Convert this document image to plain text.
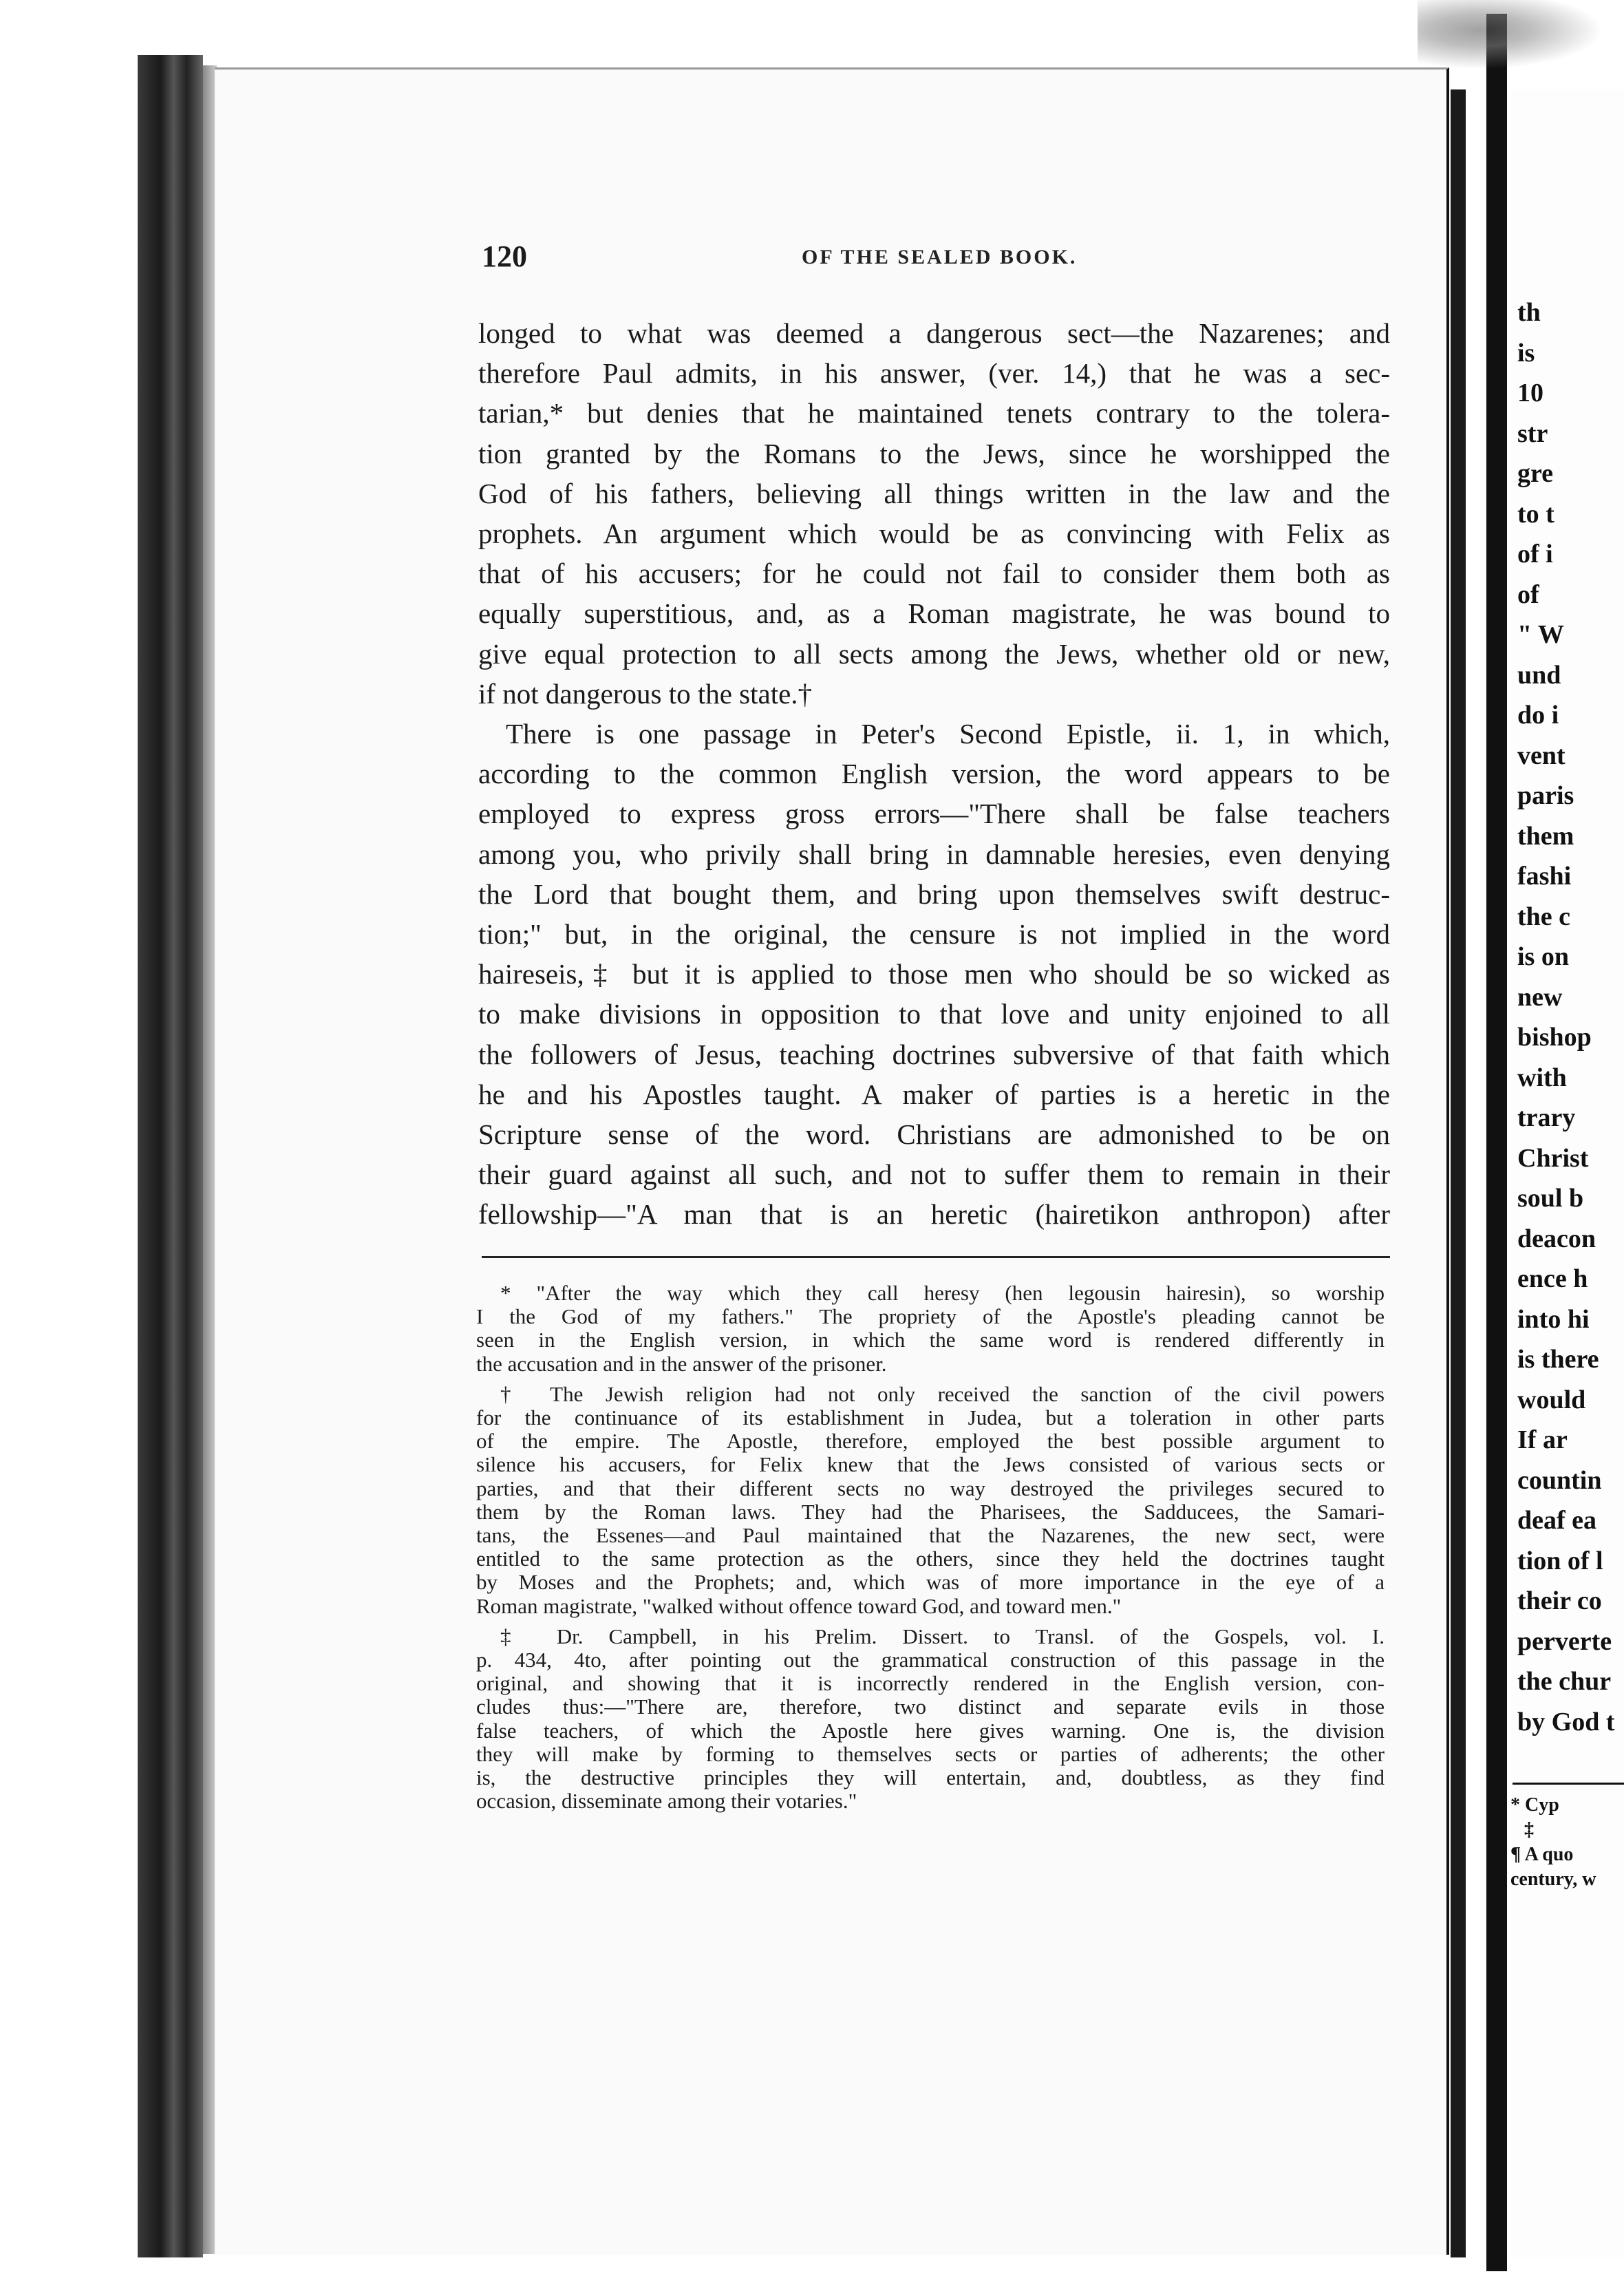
120	OF THE SEALED BOOK.
longed to what was deemed a dangerous sect—the Nazarenes; and
therefore Paul admits, in his answer, (ver. 14,) that he was a sec-
tarian,* but denies that he maintained tenets contrary to the tolera-
tion granted by the Romans to the Jews, since he worshipped the
God of his fathers, believing all things written in the law and the
prophets. An argument which would be as convincing with Felix as
that of his accusers; for he could not fail to consider them both as
equally superstitious, and, as a Roman magistrate, he was bound to
give equal protection to all sects among the Jews, whether old or new,
if not dangerous to the state.†
There is one passage in Peter's Second Epistle, ii. 1, in which,
according to the common English version, the word appears to be
employed to express gross errors—"There shall be false teachers
among you, who privily shall bring in damnable heresies, even denying
the Lord that bought them, and bring upon themselves swift destruc-
tion;" but, in the original, the censure is not implied in the word
haireseis,‡ but it is applied to those men who should be so wicked as
to make divisions in opposition to that love and unity enjoined to all
the followers of Jesus, teaching doctrines subversive of that faith which
he and his Apostles taught. A maker of parties is a heretic in the
Scripture sense of the word. Christians are admonished to be on
their guard against all such, and not to suffer them to remain in their
fellowship—"A man that is an heretic (hairetikon anthropon) after
* "After the way which they call heresy (hen legousin hairesin), so worship
I the God of my fathers." The propriety of the Apostle's pleading cannot be
seen in the English version, in which the same word is rendered differently in
the accusation and in the answer of the prisoner.
† The Jewish religion had not only received the sanction of the civil powers
for the continuance of its establishment in Judea, but a toleration in other parts
of the empire. The Apostle, therefore, employed the best possible argument to
silence his accusers, for Felix knew that the Jews consisted of various sects or
parties, and that their different sects no way destroyed the privileges secured to
them by the Roman laws. They had the Pharisees, the Sadducees, the Samari-
tans, the Essenes—and Paul maintained that the Nazarenes, the new sect, were
entitled to the same protection as the others, since they held the doctrines taught
by Moses and the Prophets; and, which was of more importance in the eye of a
Roman magistrate, "walked without offence toward God, and toward men."
‡ Dr. Campbell, in his Prelim. Dissert. to Transl. of the Gospels, vol. I.
p. 434, 4to, after pointing out the grammatical construction of this passage in the
original, and showing that it is incorrectly rendered in the English version, con-
cludes thus:—"There are, therefore, two distinct and separate evils in those
false teachers, of which the Apostle here gives warning. One is, the division
they will make by forming to themselves sects or parties of adherents; the other
is, the destructive principles they will entertain, and, doubtless, as they find
occasion, disseminate among their votaries."
th
is
10
str
gre
to t
of i
of
" W
und
do i
vent
paris
them
fashi
the c
is on
new
bishop
with
trary
Christ
soul b
deacon
ence h
into hi
is there
would
If ar
countin
deaf ea
tion of l
their co
perverte
the chur
by God t
* Cyp
‡
¶ A quo
century, w
